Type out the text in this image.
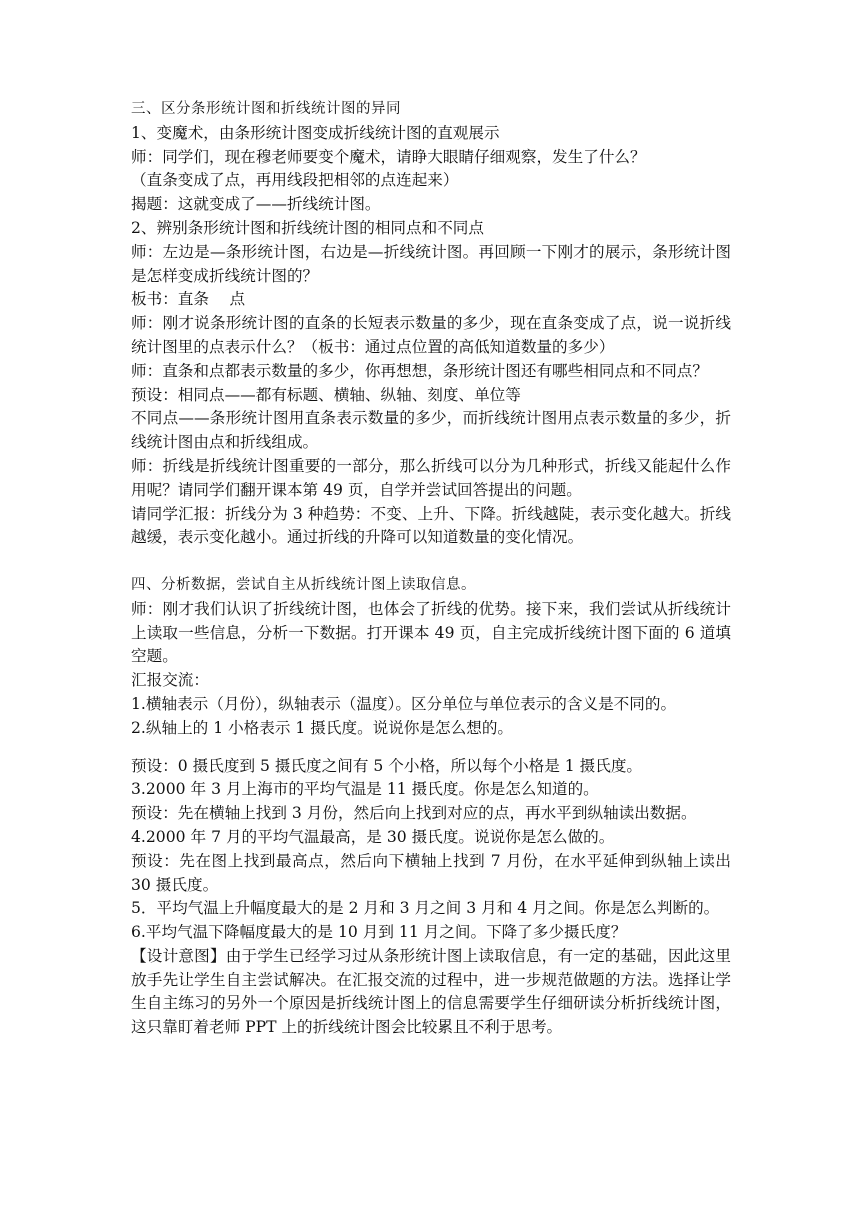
三、区分条形统计图和折线统计图的异同

1、变魔术，由条形统计图变成折线统计图的直观展示

师：同学们，现在穆老师要变个魔术，请睁大眼睛仔细观察，发生了什么？

（直条变成了点，再用线段把相邻的点连起来）

揭题：这就变成了——折线统计图。

2、辨别条形统计图和折线统计图的相同点和不同点

师：左边是—条形统计图，右边是—折线统计图。再回顾一下刚才的展示，条形统计图是怎样变成折线统计图的？

板书：直条　 点

师：刚才说条形统计图的直条的长短表示数量的多少，现在直条变成了点，说一说折线统计图里的点表示什么？（板书：通过点位置的高低知道数量的多少）

师：直条和点都表示数量的多少，你再想想，条形统计图还有哪些相同点和不同点？

预设：相同点——都有标题、横轴、纵轴、刻度、单位等

不同点——条形统计图用直条表示数量的多少，而折线统计图用点表示数量的多少，折线统计图由点和折线组成。

师：折线是折线统计图重要的一部分，那么折线可以分为几种形式，折线又能起什么作用呢？请同学们翻开课本第 49 页，自学并尝试回答提出的问题。

请同学汇报：折线分为 3 种趋势：不变、上升、下降。折线越陡，表示变化越大。折线越缓，表示变化越小。通过折线的升降可以知道数量的变化情况。

四、分析数据，尝试自主从折线统计图上读取信息。

师：刚才我们认识了折线统计图，也体会了折线的优势。接下来，我们尝试从折线统计上读取一些信息，分析一下数据。打开课本 49 页，自主完成折线统计图下面的 6 道填空题。

汇报交流：

1.横轴表示（月份），纵轴表示（温度）。区分单位与单位表示的含义是不同的。

2.纵轴上的 1 小格表示 1 摄氏度。说说你是怎么想的。

预设：0 摄氏度到 5 摄氏度之间有 5 个小格，所以每个小格是 1 摄氏度。

3.2000 年 3 月上海市的平均气温是 11 摄氏度。你是怎么知道的。

预设：先在横轴上找到 3 月份，然后向上找到对应的点，再水平到纵轴读出数据。

4.2000 年 7 月的平均气温最高，是 30 摄氏度。说说你是怎么做的。

预设：先在图上找到最高点，然后向下横轴上找到 7 月份，在水平延伸到纵轴上读出 30 摄氏度。

5．平均气温上升幅度最大的是 2 月和 3 月之间 3 月和 4 月之间。你是怎么判断的。

6.平均气温下降幅度最大的是 10 月到 11 月之间。下降了多少摄氏度？

【设计意图】由于学生已经学习过从条形统计图上读取信息，有一定的基础，因此这里放手先让学生自主尝试解决。在汇报交流的过程中，进一步规范做题的方法。选择让学生自主练习的另外一个原因是折线统计图上的信息需要学生仔细研读分析折线统计图，这只靠盯着老师 PPT 上的折线统计图会比较累且不利于思考。
